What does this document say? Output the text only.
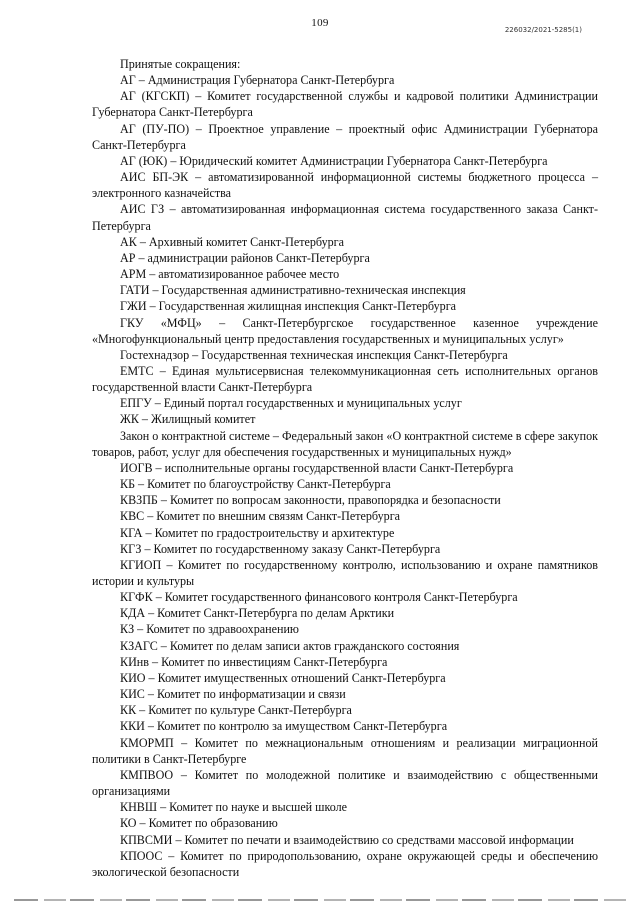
109
226032/2021-5285(1)

Принятые сокращения:

АГ – Администрация Губернатора Санкт-Петербурга

АГ (КГСКП) – Комитет государственной службы и кадровой политики Администрации Губернатора Санкт-Петербурга

АГ (ПУ-ПО) – Проектное управление – проектный офис Администрации Губернатора Санкт-Петербурга

АГ (ЮК) – Юридический комитет Администрации Губернатора Санкт-Петербурга

АИС БП-ЭК – автоматизированной информационной системы бюджетного процесса – электронного казначейства

АИС ГЗ – автоматизированная информационная система государственного заказа Санкт-Петербурга

АК – Архивный комитет Санкт-Петербурга

АР – администрации районов Санкт-Петербурга

АРМ – автоматизированное рабочее место

ГАТИ – Государственная административно-техническая инспекция

ГЖИ – Государственная жилищная инспекция Санкт-Петербурга

ГКУ «МФЦ» – Санкт-Петербургское государственное казенное учреждение «Многофункциональный центр предоставления государственных и муниципальных услуг»

Гостехнадзор – Государственная техническая инспекция Санкт-Петербурга

ЕМТС – Единая мультисервисная телекоммуникационная сеть исполнительных органов государственной власти Санкт-Петербурга

ЕПГУ – Единый портал государственных и муниципальных услуг

ЖК – Жилищный комитет

Закон о контрактной системе – Федеральный закон «О контрактной системе в сфере закупок товаров, работ, услуг для обеспечения государственных и муниципальных нужд»

ИОГВ – исполнительные органы государственной власти Санкт-Петербурга

КБ – Комитет по благоустройству Санкт-Петербурга

КВЗПБ – Комитет по вопросам законности, правопорядка и безопасности

КВС – Комитет по внешним связям Санкт-Петербурга

КГА – Комитет по градостроительству и архитектуре

КГЗ – Комитет по государственному заказу Санкт-Петербурга

КГИОП – Комитет по государственному контролю, использованию и охране памятников истории и культуры

КГФК – Комитет государственного финансового контроля Санкт-Петербурга

КДА – Комитет Санкт-Петербурга по делам Арктики

КЗ – Комитет по здравоохранению

КЗАГС – Комитет по делам записи актов гражданского состояния

КИнв – Комитет по инвестициям Санкт-Петербурга

КИО – Комитет имущественных отношений Санкт-Петербурга

КИС – Комитет по информатизации и связи

КК – Комитет по культуре Санкт-Петербурга

ККИ – Комитет по контролю за имуществом Санкт-Петербурга

КМОРМП – Комитет по межнациональным отношениям и реализации миграционной политики в Санкт-Петербурге

КМПВОО – Комитет по молодежной политике и взаимодействию с общественными организациями

КНВШ – Комитет по науке и высшей школе

КО – Комитет по образованию

КПВСМИ – Комитет по печати и взаимодействию со средствами массовой информации

КПООС – Комитет по природопользованию, охране окружающей среды и обеспечению экологической безопасности
